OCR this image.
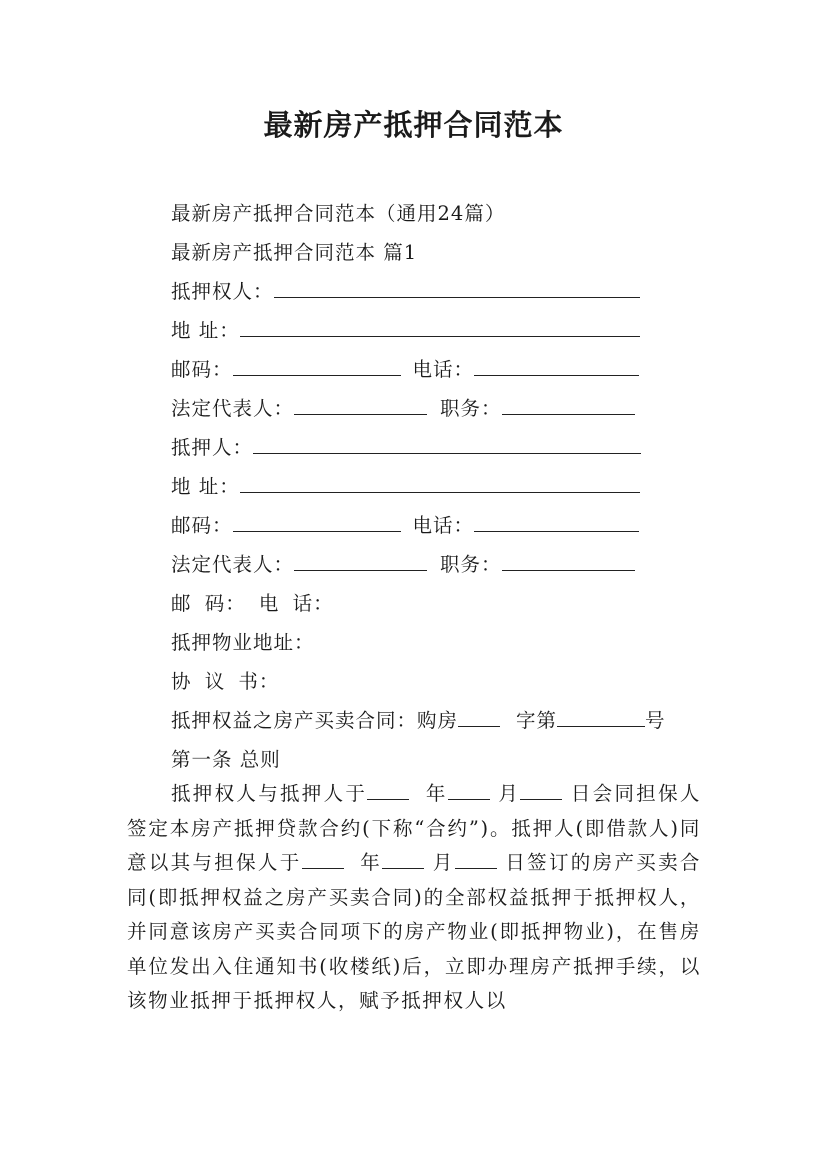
最新房产抵押合同范本
最新房产抵押合同范本（通用24篇）
最新房产抵押合同范本 篇1
抵押权人：
地 址：
邮码：	电话：
法定代表人：	职务：
抵押人：
地 址：
邮码：	电话：
法定代表人：	职务：
邮 码： 电 话：
抵押物业地址：
协 议 书：
抵押权益之房产买卖合同：购房	字第	号
第一条 总则
抵押权人与抵押人于	年	月	日会同担保人签定本房产抵押贷款合约(下称“合约”)。抵押人(即借款人)同意以其与担保人于	年	月	日签订的房产买卖合同(即抵押权益之房产买卖合同)的全部权益抵押于抵押权人，并同意该房产买卖合同项下的房产物业(即抵押物业)，在售房单位发出入住通知书(收楼纸)后，立即办理房产抵押手续，以该物业抵押于抵押权人，赋予抵押权人以
